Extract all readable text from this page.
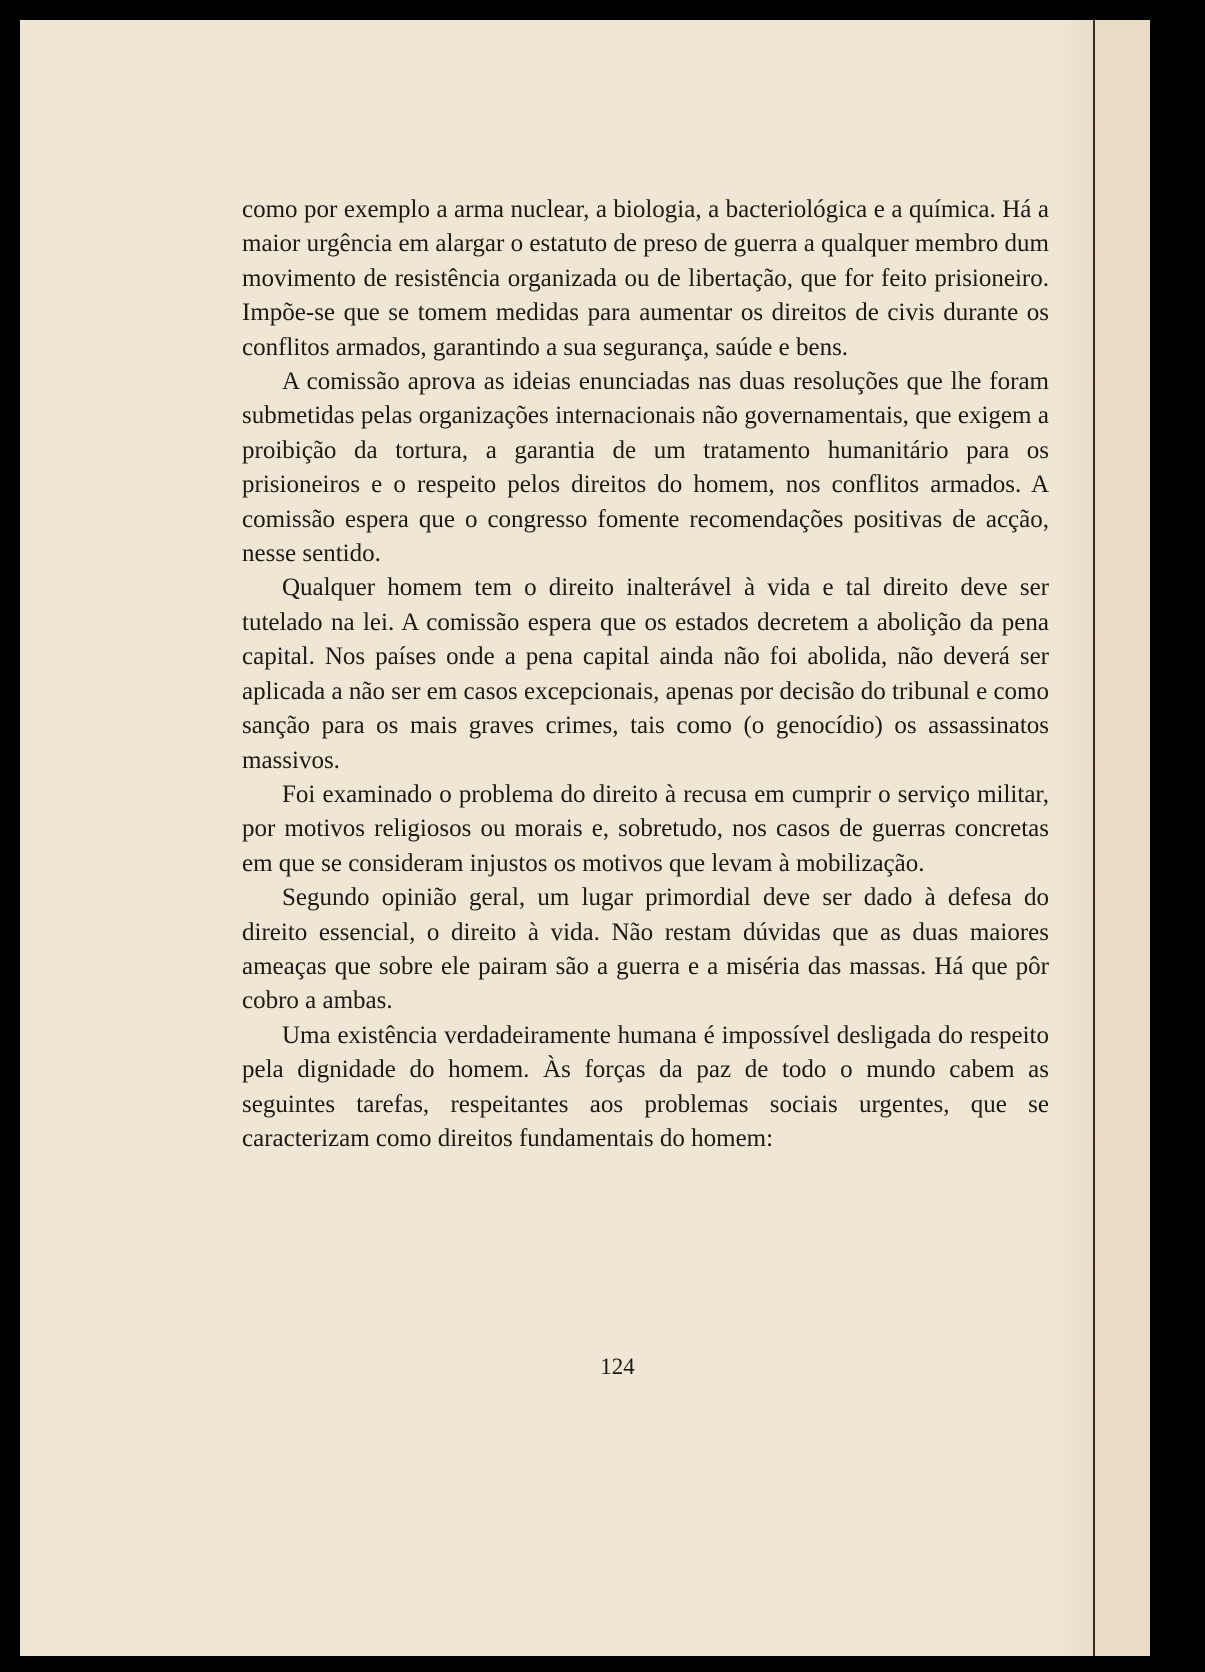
como por exemplo a arma nuclear, a biologia, a bacteriológica e a química. Há a maior urgência em alargar o estatuto de preso de guerra a qualquer membro dum movimento de resistência organizada ou de libertação, que for feito prisioneiro. Impõe-se que se tomem medidas para aumentar os direitos de civis durante os conflitos armados, garantindo a sua segurança, saúde e bens.

A comissão aprova as ideias enunciadas nas duas resoluções que lhe foram submetidas pelas organizações internacionais não governamentais, que exigem a proibição da tortura, a garantia de um tratamento humanitário para os prisioneiros e o respeito pelos direitos do homem, nos conflitos armados. A comissão espera que o congresso fomente recomendações positivas de acção, nesse sentido.

Qualquer homem tem o direito inalterável à vida e tal direito deve ser tutelado na lei. A comissão espera que os estados decretem a abolição da pena capital. Nos países onde a pena capital ainda não foi abolida, não deverá ser aplicada a não ser em casos excepcionais, apenas por decisão do tribunal e como sanção para os mais graves crimes, tais como (o genocídio) os assassinatos massivos.

Foi examinado o problema do direito à recusa em cumprir o serviço militar, por motivos religiosos ou morais e, sobretudo, nos casos de guerras concretas em que se consideram injustos os motivos que levam à mobilização.

Segundo opinião geral, um lugar primordial deve ser dado à defesa do direito essencial, o direito à vida. Não restam dúvidas que as duas maiores ameaças que sobre ele pairam são a guerra e a miséria das massas. Há que pôr cobro a ambas.

Uma existência verdadeiramente humana é impossível desligada do respeito pela dignidade do homem. Às forças da paz de todo o mundo cabem as seguintes tarefas, respeitantes aos problemas sociais urgentes, que se caracterizam como direitos fundamentais do homem:

124
